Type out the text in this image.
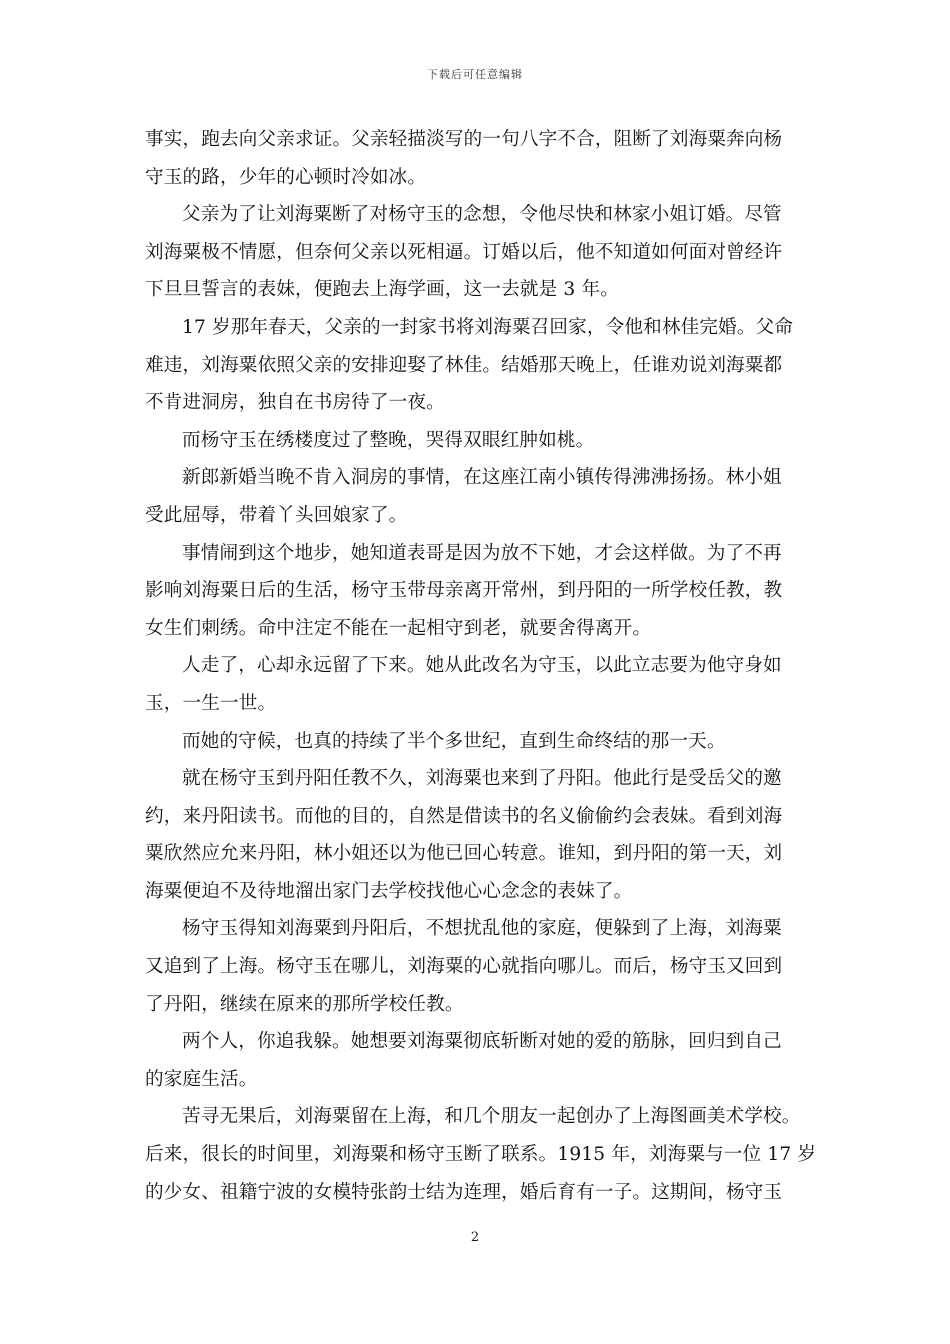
下载后可任意编辑
事实，跑去向父亲求证。父亲轻描淡写的一句八字不合，阻断了刘海粟奔向杨
守玉的路，少年的心顿时冷如冰。
父亲为了让刘海粟断了对杨守玉的念想，令他尽快和林家小姐订婚。尽管
刘海粟极不情愿，但奈何父亲以死相逼。订婚以后，他不知道如何面对曾经许
下旦旦誓言的表妹，便跑去上海学画，这一去就是 3 年。
17 岁那年春天，父亲的一封家书将刘海粟召回家，令他和林佳完婚。父命
难违，刘海粟依照父亲的安排迎娶了林佳。结婚那天晚上，任谁劝说刘海粟都
不肯进洞房，独自在书房待了一夜。
而杨守玉在绣楼度过了整晚，哭得双眼红肿如桃。
新郎新婚当晚不肯入洞房的事情，在这座江南小镇传得沸沸扬扬。林小姐
受此屈辱，带着丫头回娘家了。
事情闹到这个地步，她知道表哥是因为放不下她，才会这样做。为了不再
影响刘海粟日后的生活，杨守玉带母亲离开常州，到丹阳的一所学校任教，教
女生们刺绣。命中注定不能在一起相守到老，就要舍得离开。
人走了，心却永远留了下来。她从此改名为守玉，以此立志要为他守身如
玉，一生一世。
而她的守候，也真的持续了半个多世纪，直到生命终结的那一天。
就在杨守玉到丹阳任教不久，刘海粟也来到了丹阳。他此行是受岳父的邀
约，来丹阳读书。而他的目的，自然是借读书的名义偷偷约会表妹。看到刘海
粟欣然应允来丹阳，林小姐还以为他已回心转意。谁知，到丹阳的第一天，刘
海粟便迫不及待地溜出家门去学校找他心心念念的表妹了。
杨守玉得知刘海粟到丹阳后，不想扰乱他的家庭，便躲到了上海，刘海粟
又追到了上海。杨守玉在哪儿，刘海粟的心就指向哪儿。而后，杨守玉又回到
了丹阳，继续在原来的那所学校任教。
两个人，你追我躲。她想要刘海粟彻底斩断对她的爱的筋脉，回归到自己
的家庭生活。
苦寻无果后，刘海粟留在上海，和几个朋友一起创办了上海图画美术学校。
后来，很长的时间里，刘海粟和杨守玉断了联系。1915 年，刘海粟与一位 17 岁
的少女、祖籍宁波的女模特张韵士结为连理，婚后育有一子。这期间，杨守玉
2
